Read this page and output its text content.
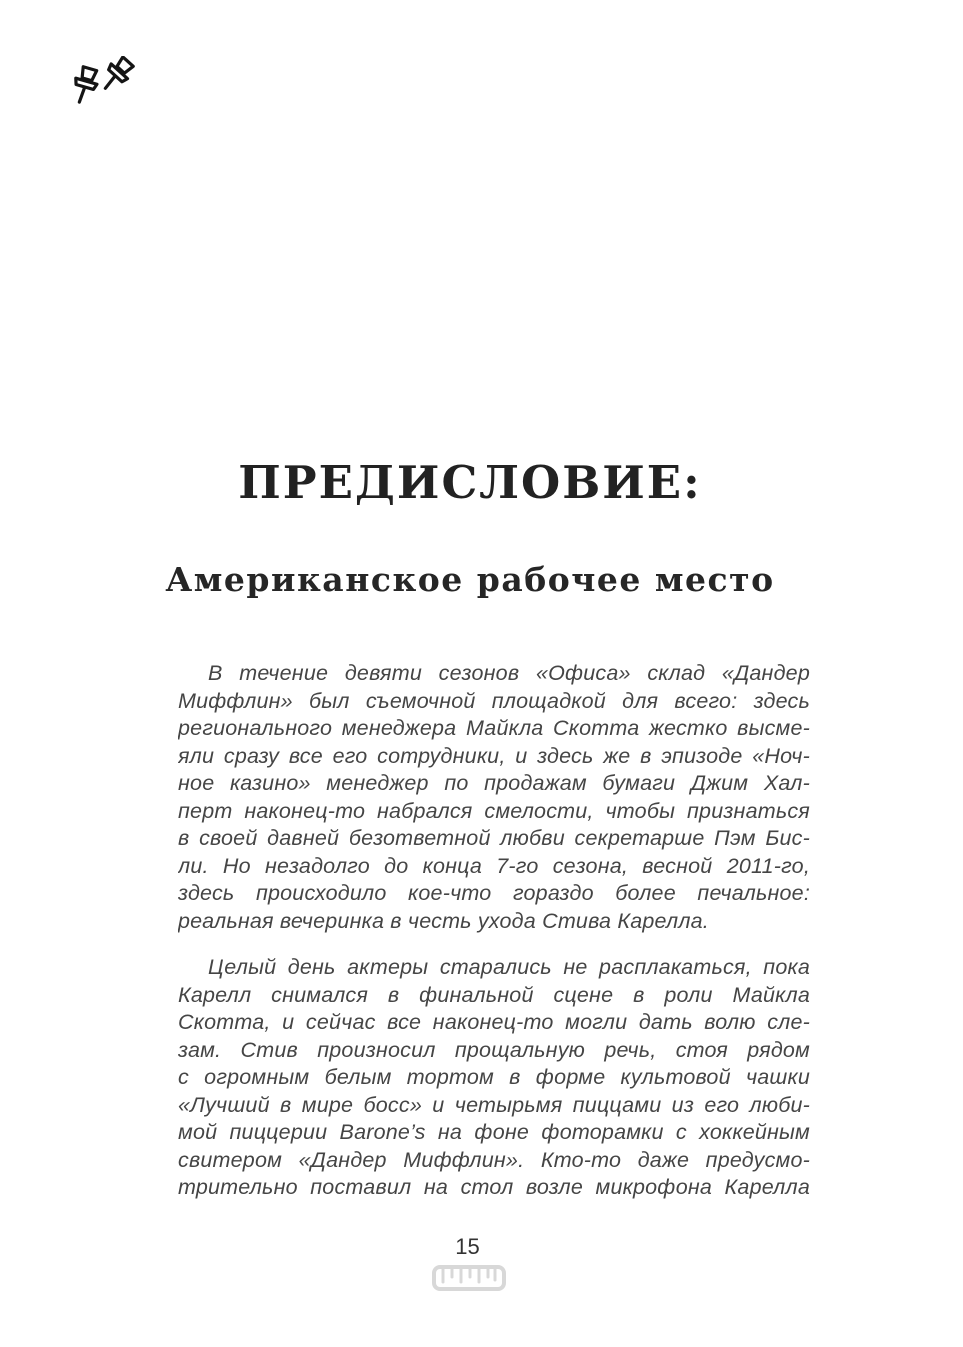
ПРЕДИСЛОВИЕ:
Американское рабочее место
В течение девяти сезонов «Офиса» склад «Дандер
Миффлин» был съемочной площадкой для всего: здесь
регионального менеджера Майкла Скотта жестко высме-
яли сразу все его сотрудники, и здесь же в эпизоде «Ноч-
ное казино» менеджер по продажам бумаги Джим Хал-
перт наконец-то набрался смелости, чтобы признаться
в своей давней безответной любви секретарше Пэм Бис-
ли. Но незадолго до конца 7-го сезона, весной 2011-го,
здесь происходило кое-что гораздо более печальное:
реальная вечеринка в честь ухода Стива Карелла.
Целый день актеры старались не расплакаться, пока
Карелл снимался в финальной сцене в роли Майкла
Скотта, и сейчас все наконец-то могли дать волю сле-
зам. Стив произносил прощальную речь, стоя рядом
с огромным белым тортом в форме культовой чашки
«Лучший в мире босс» и четырьмя пиццами из его люби-
мой пиццерии Barone’s на фоне фоторамки с хоккейным
свитером «Дандер Миффлин». Кто-то даже предусмо-
трительно поставил на стол возле микрофона Карелла
15
